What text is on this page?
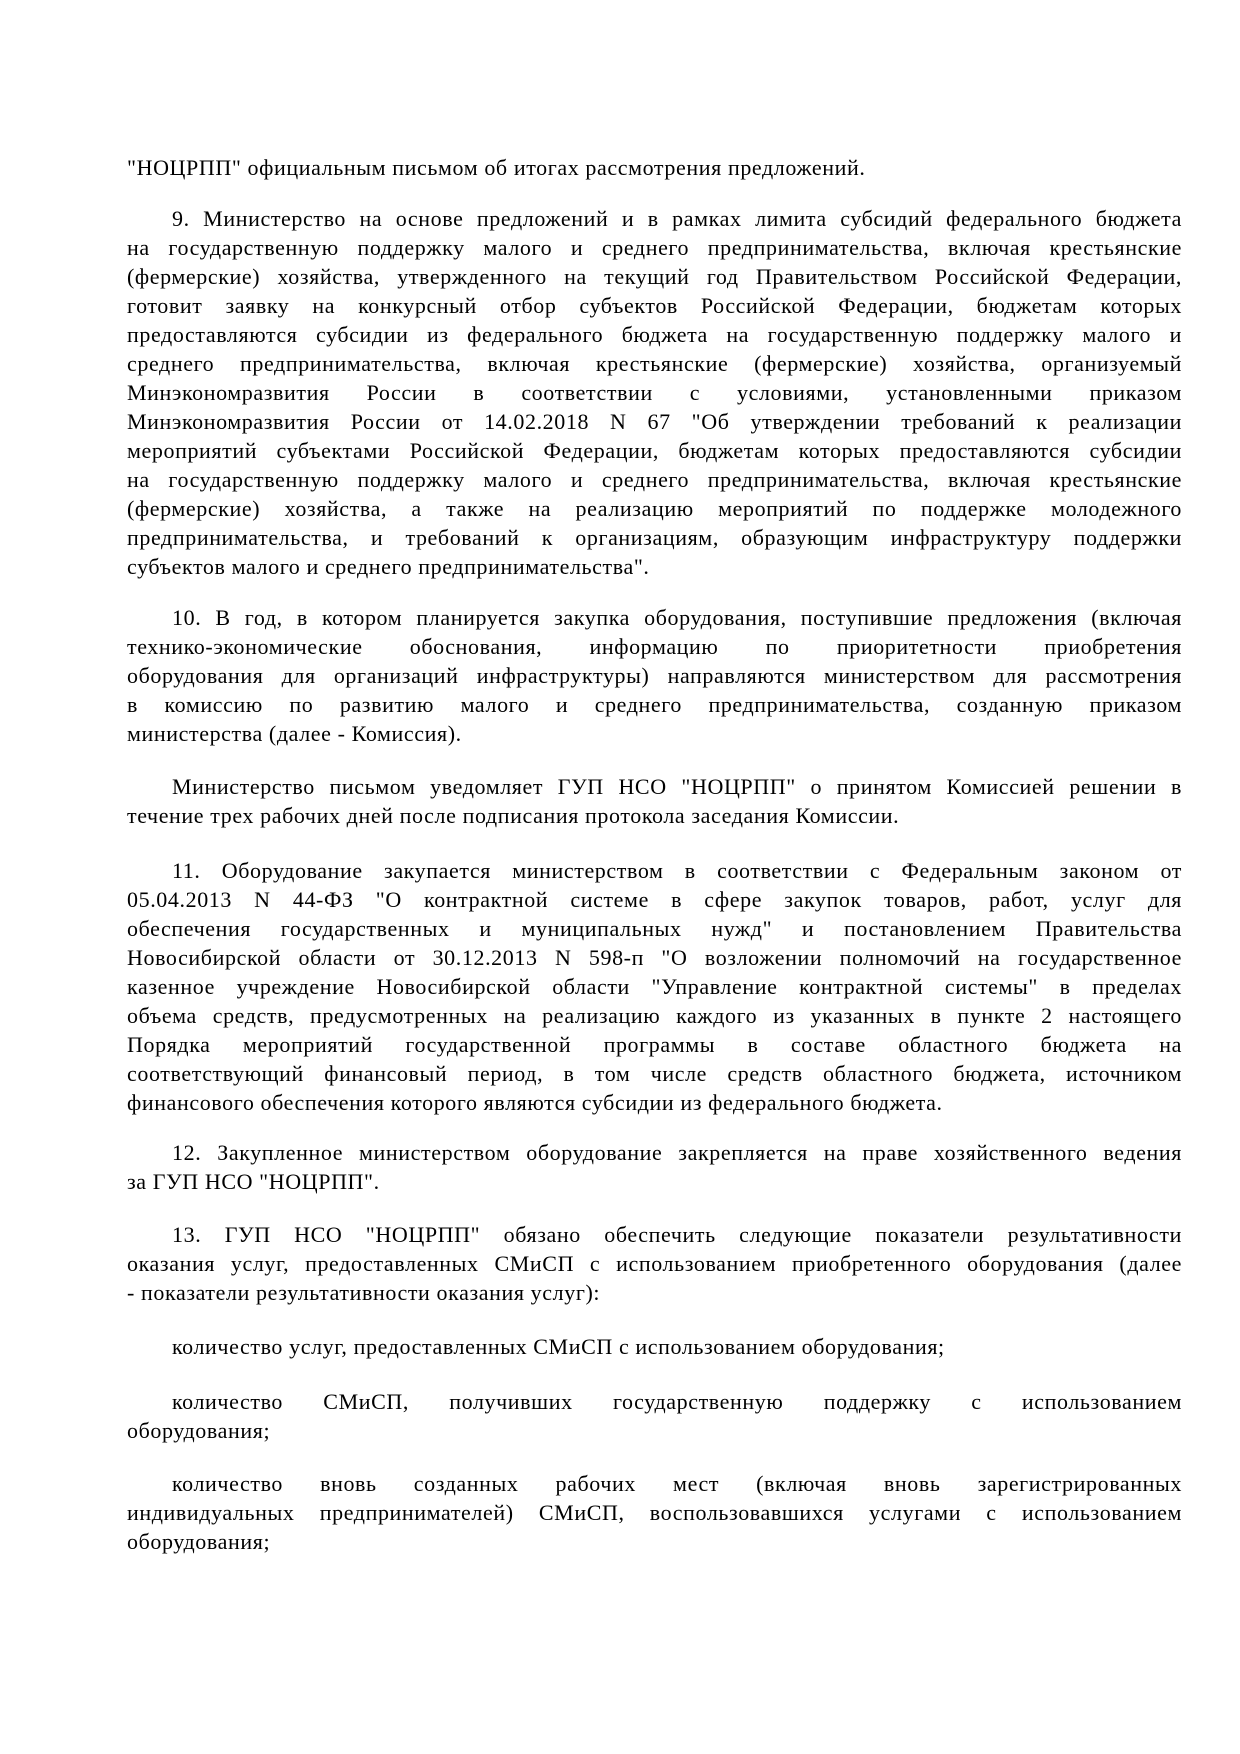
"НОЦРПП" официальным письмом об итогах рассмотрения предложений.
9. Министерство на основе предложений и в рамках лимита субсидий федерального бюджета
на государственную поддержку малого и среднего предпринимательства, включая крестьянские
(фермерские) хозяйства, утвержденного на текущий год Правительством Российской Федерации,
готовит заявку на конкурсный отбор субъектов Российской Федерации, бюджетам которых
предоставляются субсидии из федерального бюджета на государственную поддержку малого и
среднего предпринимательства, включая крестьянские (фермерские) хозяйства, организуемый
Минэкономразвития России в соответствии с условиями, установленными приказом
Минэкономразвития России от 14.02.2018 N 67 "Об утверждении требований к реализации
мероприятий субъектами Российской Федерации, бюджетам которых предоставляются субсидии
на государственную поддержку малого и среднего предпринимательства, включая крестьянские
(фермерские) хозяйства, а также на реализацию мероприятий по поддержке молодежного
предпринимательства, и требований к организациям, образующим инфраструктуру поддержки
субъектов малого и среднего предпринимательства".
10. В год, в котором планируется закупка оборудования, поступившие предложения (включая
технико-экономические обоснования, информацию по приоритетности приобретения
оборудования для организаций инфраструктуры) направляются министерством для рассмотрения
в комиссию по развитию малого и среднего предпринимательства, созданную приказом
министерства (далее - Комиссия).
Министерство письмом уведомляет ГУП НСО "НОЦРПП" о принятом Комиссией решении в
течение трех рабочих дней после подписания протокола заседания Комиссии.
11. Оборудование закупается министерством в соответствии с Федеральным законом от
05.04.2013 N 44-ФЗ "О контрактной системе в сфере закупок товаров, работ, услуг для
обеспечения государственных и муниципальных нужд" и постановлением Правительства
Новосибирской области от 30.12.2013 N 598-п "О возложении полномочий на государственное
казенное учреждение Новосибирской области "Управление контрактной системы" в пределах
объема средств, предусмотренных на реализацию каждого из указанных в пункте 2 настоящего
Порядка мероприятий государственной программы в составе областного бюджета на
соответствующий финансовый период, в том числе средств областного бюджета, источником
финансового обеспечения которого являются субсидии из федерального бюджета.
12. Закупленное министерством оборудование закрепляется на праве хозяйственного ведения
за ГУП НСО "НОЦРПП".
13. ГУП НСО "НОЦРПП" обязано обеспечить следующие показатели результативности
оказания услуг, предоставленных СМиСП с использованием приобретенного оборудования (далее
- показатели результативности оказания услуг):
количество услуг, предоставленных СМиСП с использованием оборудования;
количество СМиСП, получивших государственную поддержку с использованием
оборудования;
количество вновь созданных рабочих мест (включая вновь зарегистрированных
индивидуальных предпринимателей) СМиСП, воспользовавшихся услугами с использованием
оборудования;
